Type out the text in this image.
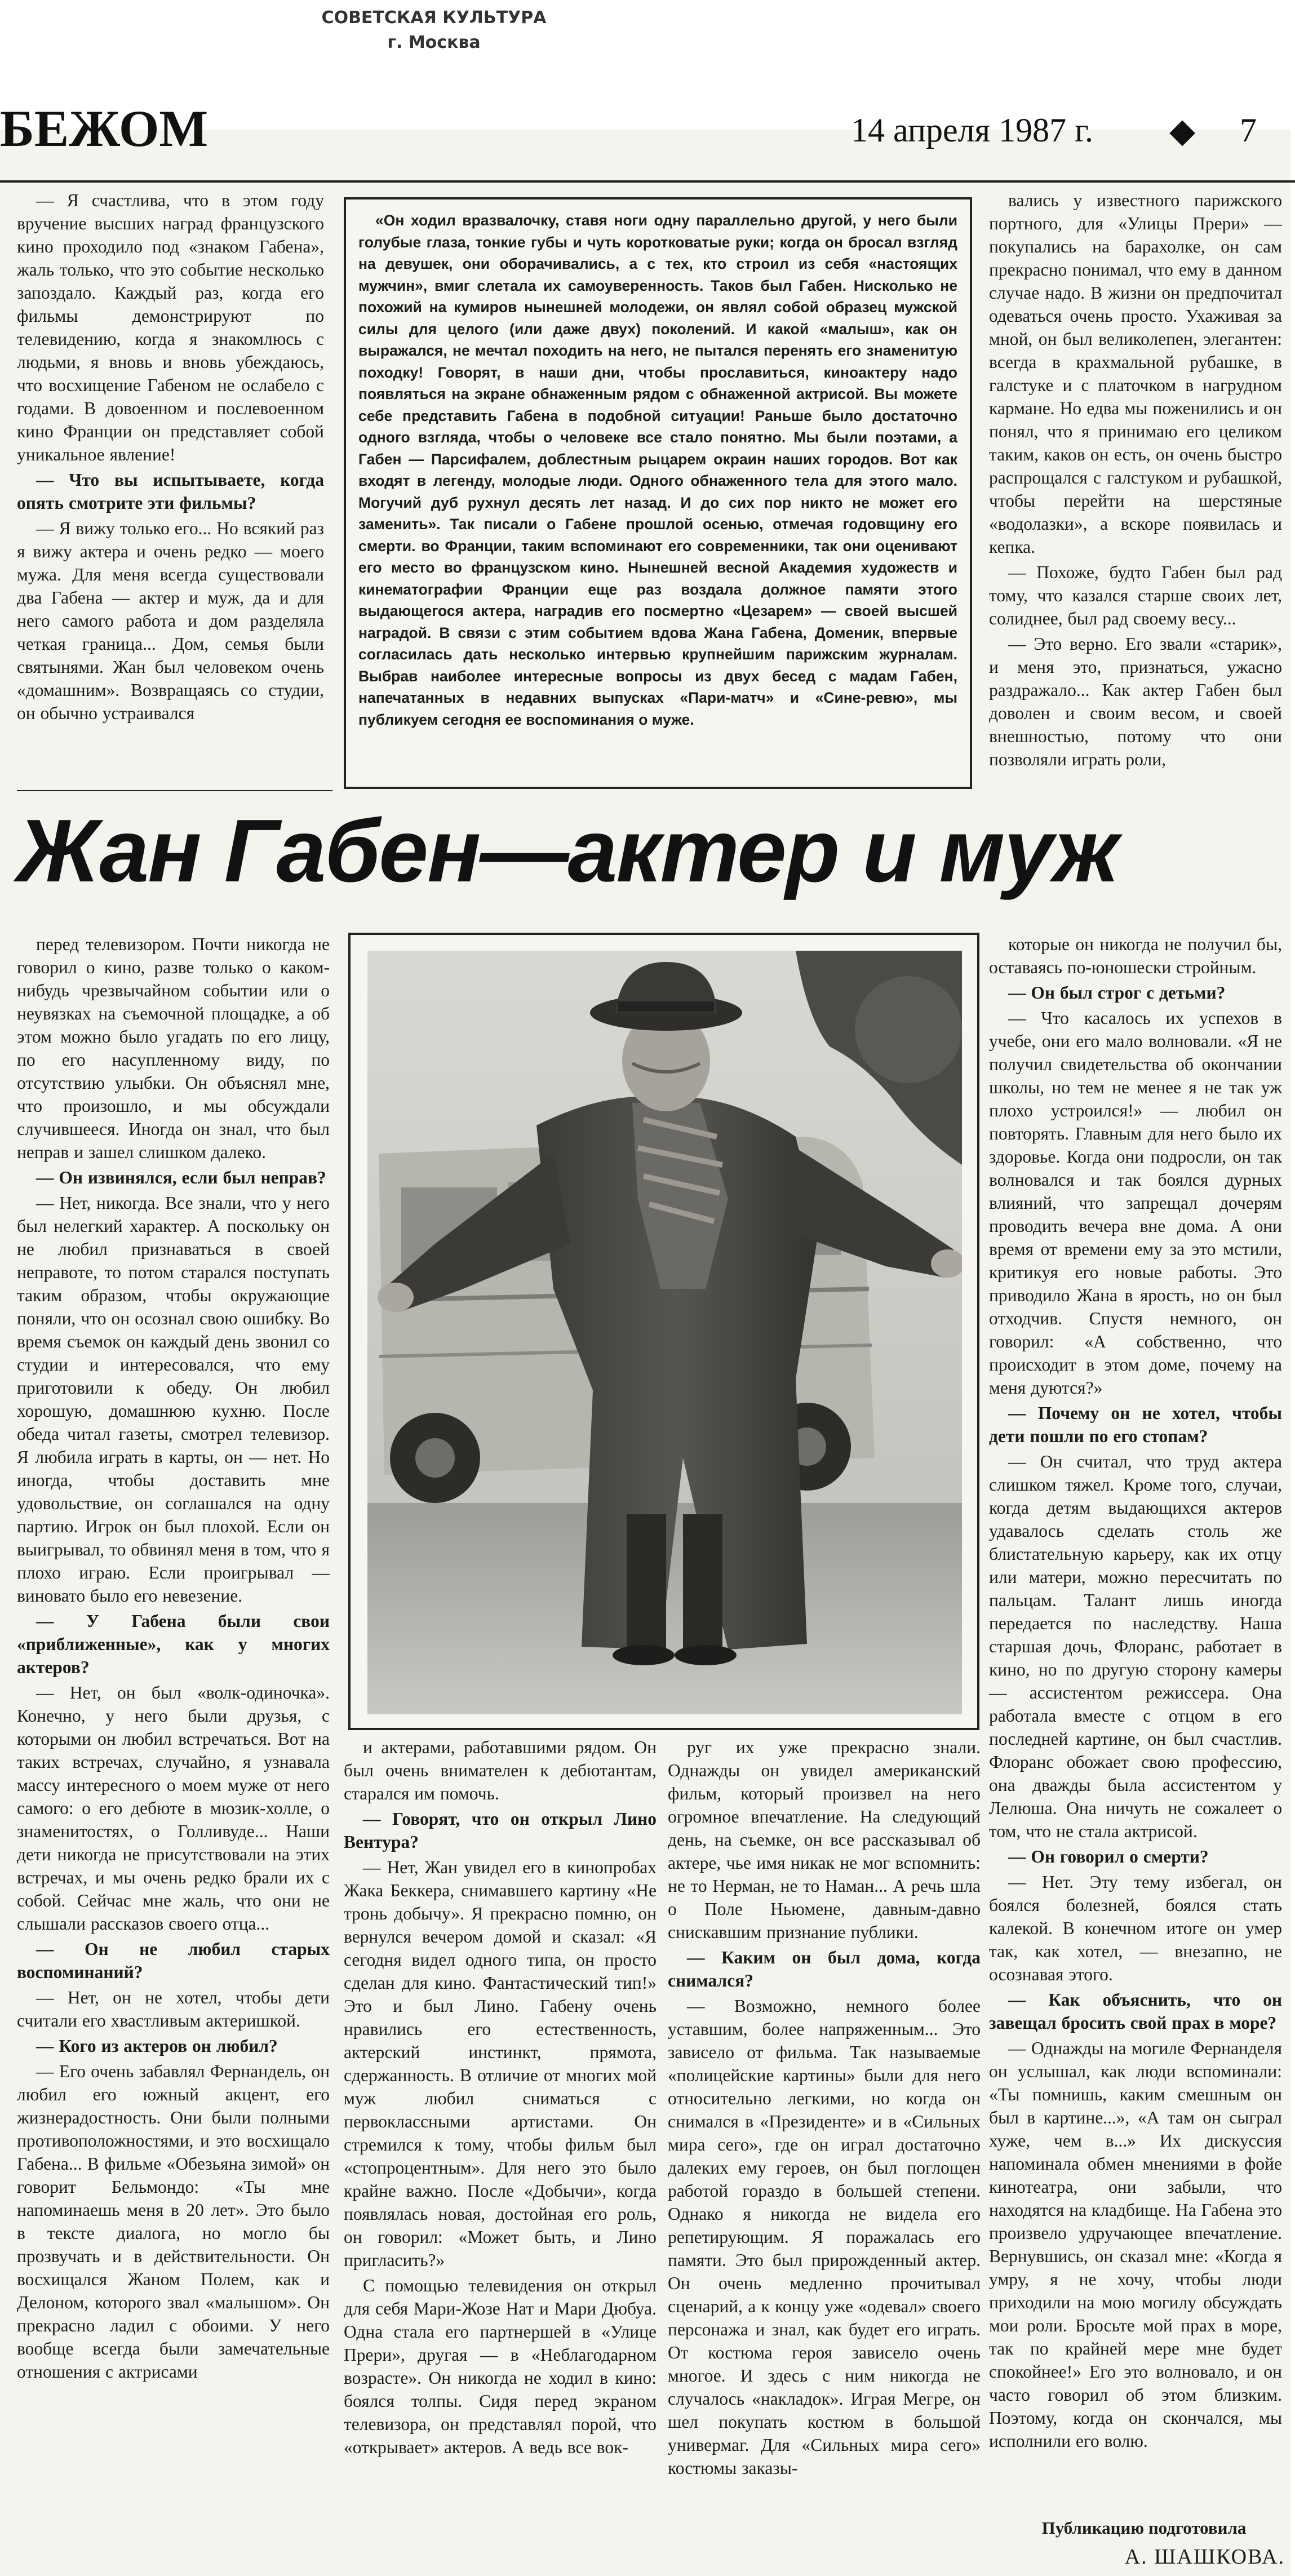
СОВЕТСКАЯ КУЛЬТУРА
г. Москва
БЕЖОМ	14 апреля 1987 г. ◆ 7

— Я счастлива, что в этом году вручение высших наград французского кино проходило под «знаком Габена», жаль только, что это событие несколько запоздало. Каждый раз, когда его фильмы демонстрируют по телевидению, когда я знакомлюсь с людьми, я вновь и вновь убеждаюсь, что восхищение Габеном не ослабело с годами. В довоенном и послевоенном кино Франции он представляет собой уникальное явление!

— Что вы испытываете, когда опять смотрите эти фильмы?

— Я вижу только его... Но всякий раз я вижу актера и очень редко — моего мужа. Для меня всегда существовали два Габена — актер и муж, да и для него самого работа и дом разделяла четкая граница... Дом, семья были святынями. Жан был человеком очень «домашним». Возвращаясь со студии, он обычно устраивался

«Он ходил вразвалочку, ставя ноги одну параллельно другой, у него были голубые глаза, тонкие губы и чуть коротковатые руки; когда он бросал взгляд на девушек, они оборачивались, а с тех, кто строил из себя «настоящих мужчин», вмиг слетала их самоуверенность. Таков был Габен. Нисколько не похожий на кумиров нынешней молодежи, он являл собой образец мужской силы для целого (или даже двух) поколений. И какой «малыш», как он выражался, не мечтал походить на него, не пытался перенять его знаменитую походку! Говорят, в наши дни, чтобы прославиться, киноактеру надо появляться на экране обнаженным рядом с обнаженной актрисой. Вы можете себе представить Габена в подобной ситуации! Раньше было достаточно одного взгляда, чтобы о человеке все стало понятно. Мы были поэтами, а Габен — Парсифалем, доблестным рыцарем окраин наших городов. Вот как входят в легенду, молодые люди. Одного обнаженного тела для этого мало. Могучий дуб рухнул десять лет назад. И до сих пор никто не может его заменить». Так писали о Габене прошлой осенью, отмечая годовщину его смерти. во Франции, таким вспоминают его современники, так они оценивают его место во французском кино. Нынешней весной Академия художеств и кинематографии Франции еще раз воздала должное памяти этого выдающегося актера, наградив его посмертно «Цезарем» — своей высшей наградой. В связи с этим событием вдова Жана Габена, Доменик, впервые согласилась дать несколько интервью крупнейшим парижским журналам. Выбрав наиболее интересные вопросы из двух бесед с мадам Габен, напечатанных в недавних выпусках «Пари-матч» и «Сине-ревю», мы публикуем сегодня ее воспоминания о муже.

вались у известного парижского портного, для «Улицы Прери» — покупались на барахолке, он сам прекрасно понимал, что ему в данном случае надо. В жизни он предпочитал одеваться очень просто. Ухаживая за мной, он был великолепен, элегантен: всегда в крахмальной рубашке, в галстуке и с платочком в нагрудном кармане. Но едва мы поженились и он понял, что я принимаю его целиком таким, каков он есть, он очень быстро распрощался с галстуком и рубашкой, чтобы перейти на шерстяные «водолазки», а вскоре появилась и кепка.

— Похоже, будто Габен был рад тому, что казался старше своих лет, солиднее, был рад своему весу...

— Это верно. Его звали «старик», и меня это, признаться, ужасно раздражало... Как актер Габен был доволен и своим весом, и своей внешностью, потому что они позволяли играть роли,

Жан Габен—актер и муж

перед телевизором. Почти никогда не говорил о кино, разве только о каком-нибудь чрезвычайном событии или о неувязках на съемочной площадке, а об этом можно было угадать по его лицу, по его насупленному виду, по отсутствию улыбки. Он объяснял мне, что произошло, и мы обсуждали случившееся. Иногда он знал, что был неправ и зашел слишком далеко.

— Он извинялся, если был неправ?

— Нет, никогда. Все знали, что у него был нелегкий характер. А поскольку он не любил признаваться в своей неправоте, то потом старался поступать таким образом, чтобы окружающие поняли, что он осознал свою ошибку. Во время съемок он каждый день звонил со студии и интересовался, что ему приготовили к обеду. Он любил хорошую, домашнюю кухню. После обеда читал газеты, смотрел телевизор. Я любила играть в карты, он — нет. Но иногда, чтобы доставить мне удовольствие, он соглашался на одну партию. Игрок он был плохой. Если он выигрывал, то обвинял меня в том, что я плохо играю. Если проигрывал — виновато было его невезение.

— У Габена были свои «приближенные», как у многих актеров?

— Нет, он был «волк-одиночка». Конечно, у него были друзья, с которыми он любил встречаться. Вот на таких встречах, случайно, я узнавала массу интересного о моем муже от него самого: о его дебюте в мюзик-холле, о знаменитостях, о Голливуде... Наши дети никогда не присутствовали на этих встречах, и мы очень редко брали их с собой. Сейчас мне жаль, что они не слышали рассказов своего отца...

— Он не любил старых воспоминаний?

— Нет, он не хотел, чтобы дети считали его хвастливым актеришкой.

— Кого из актеров он любил?

— Его очень забавлял Фернандель, он любил его южный акцент, его жизнерадостность. Они были полными противоположностями, и это восхищало Габена... В фильме «Обезьяна зимой» он говорит Бельмондо: «Ты мне напоминаешь меня в 20 лет». Это было в тексте диалога, но могло бы прозвучать и в действительности. Он восхищался Жаном Полем, как и Делоном, которого звал «малышом». Он прекрасно ладил с обоими. У него вообще всегда были замечательные отношения с актрисами

которые он никогда не получил бы, оставаясь по-юношески стройным.

— Он был строг с детьми?

— Что касалось их успехов в учебе, они его мало волновали. «Я не получил свидетельства об окончании школы, но тем не менее я не так уж плохо устроился!» — любил он повторять. Главным для него было их здоровье. Когда они подросли, он так волновался и так боялся дурных влияний, что запрещал дочерям проводить вечера вне дома. А они время от времени ему за это мстили, критикуя его новые работы. Это приводило Жана в ярость, но он был отходчив. Спустя немного, он говорил: «А собственно, что происходит в этом доме, почему на меня дуются?»

— Почему он не хотел, чтобы дети пошли по его стопам?

— Он считал, что труд актера слишком тяжел. Кроме того, случаи, когда детям выдающихся актеров удавалось сделать столь же блистательную карьеру, как их отцу или матери, можно пересчитать по пальцам. Талант лишь иногда передается по наследству. Наша старшая дочь, Флоранс, работает в кино, но по другую сторону камеры — ассистентом режиссера. Она работала вместе с отцом в его последней картине, он был счастлив. Флоранс обожает свою профессию, она дважды была ассистентом у Лелюша. Она ничуть не сожалеет о том, что не стала актрисой.

— Он говорил о смерти?

— Нет. Эту тему избегал, он боялся болезней, боялся стать калекой. В конечном итоге он умер так, как хотел, — внезапно, не осознавая этого.

— Как объяснить, что он завещал бросить свой прах в море?

— Однажды на могиле Фернанделя он услышал, как люди вспоминали: «Ты помнишь, каким смешным он был в картине...», «А там он сыграл хуже, чем в...» Их дискуссия напоминала обмен мнениями в фойе кинотеатра, они забыли, что находятся на кладбище. На Габена это произвело удручающее впечатление. Вернувшись, он сказал мне: «Когда я умру, я не хочу, чтобы люди приходили на мою могилу обсуждать мои роли. Бросьте мой прах в море, так по крайней мере мне будет спокойнее!» Его это волновало, и он часто говорил об этом близким. Поэтому, когда он скончался, мы исполнили его волю.

и актерами, работавшими рядом. Он был очень внимателен к дебютантам, старался им помочь.

— Говорят, что он открыл Лино Вентура?

— Нет, Жан увидел его в кинопробах Жака Беккера, снимавшего картину «Не тронь добычу». Я прекрасно помню, он вернулся вечером домой и сказал: «Я сегодня видел одного типа, он просто сделан для кино. Фантастический тип!» Это и был Лино. Габену очень нравились его естественность, актерский инстинкт, прямота, сдержанность. В отличие от многих мой муж любил сниматься с первоклассными артистами. Он стремился к тому, чтобы фильм был «стопроцентным». Для него это было крайне важно. После «Добычи», когда появлялась новая, достойная его роль, он говорил: «Может быть, и Лино пригласить?»

С помощью телевидения он открыл для себя Мари-Жозе Нат и Мари Дюбуа. Одна стала его партнершей в «Улице Прери», другая — в «Неблагодарном возрасте». Он никогда не ходил в кино: боялся толпы. Сидя перед экраном телевизора, он представлял порой, что «открывает» актеров. А ведь все вок-

руг их уже прекрасно знали. Однажды он увидел американский фильм, который произвел на него огромное впечатление. На следующий день, на съемке, он все рассказывал об актере, чье имя никак не мог вспомнить: не то Нерман, не то Наман... А речь шла о Поле Ньюмене, давным-давно снискавшим признание публики.

— Каким он был дома, когда снимался?

— Возможно, немного более уставшим, более напряженным... Это зависело от фильма. Так называемые «полицейские картины» были для него относительно легкими, но когда он снимался в «Президенте» и в «Сильных мира сего», где он играл достаточно далеких ему героев, он был поглощен работой гораздо в большей степени. Однако я никогда не видела его репетирующим. Я поражалась его памяти. Это был прирожденный актер. Он очень медленно прочитывал сценарий, а к концу уже «одевал» своего персонажа и знал, как будет его играть. От костюма героя зависело очень многое. И здесь с ним никогда не случалось «накладок». Играя Мегре, он шел покупать костюм в большой универмаг. Для «Сильных мира сего» костюмы заказы-

Публикацию подготовила
А. ШАШКОВА.
